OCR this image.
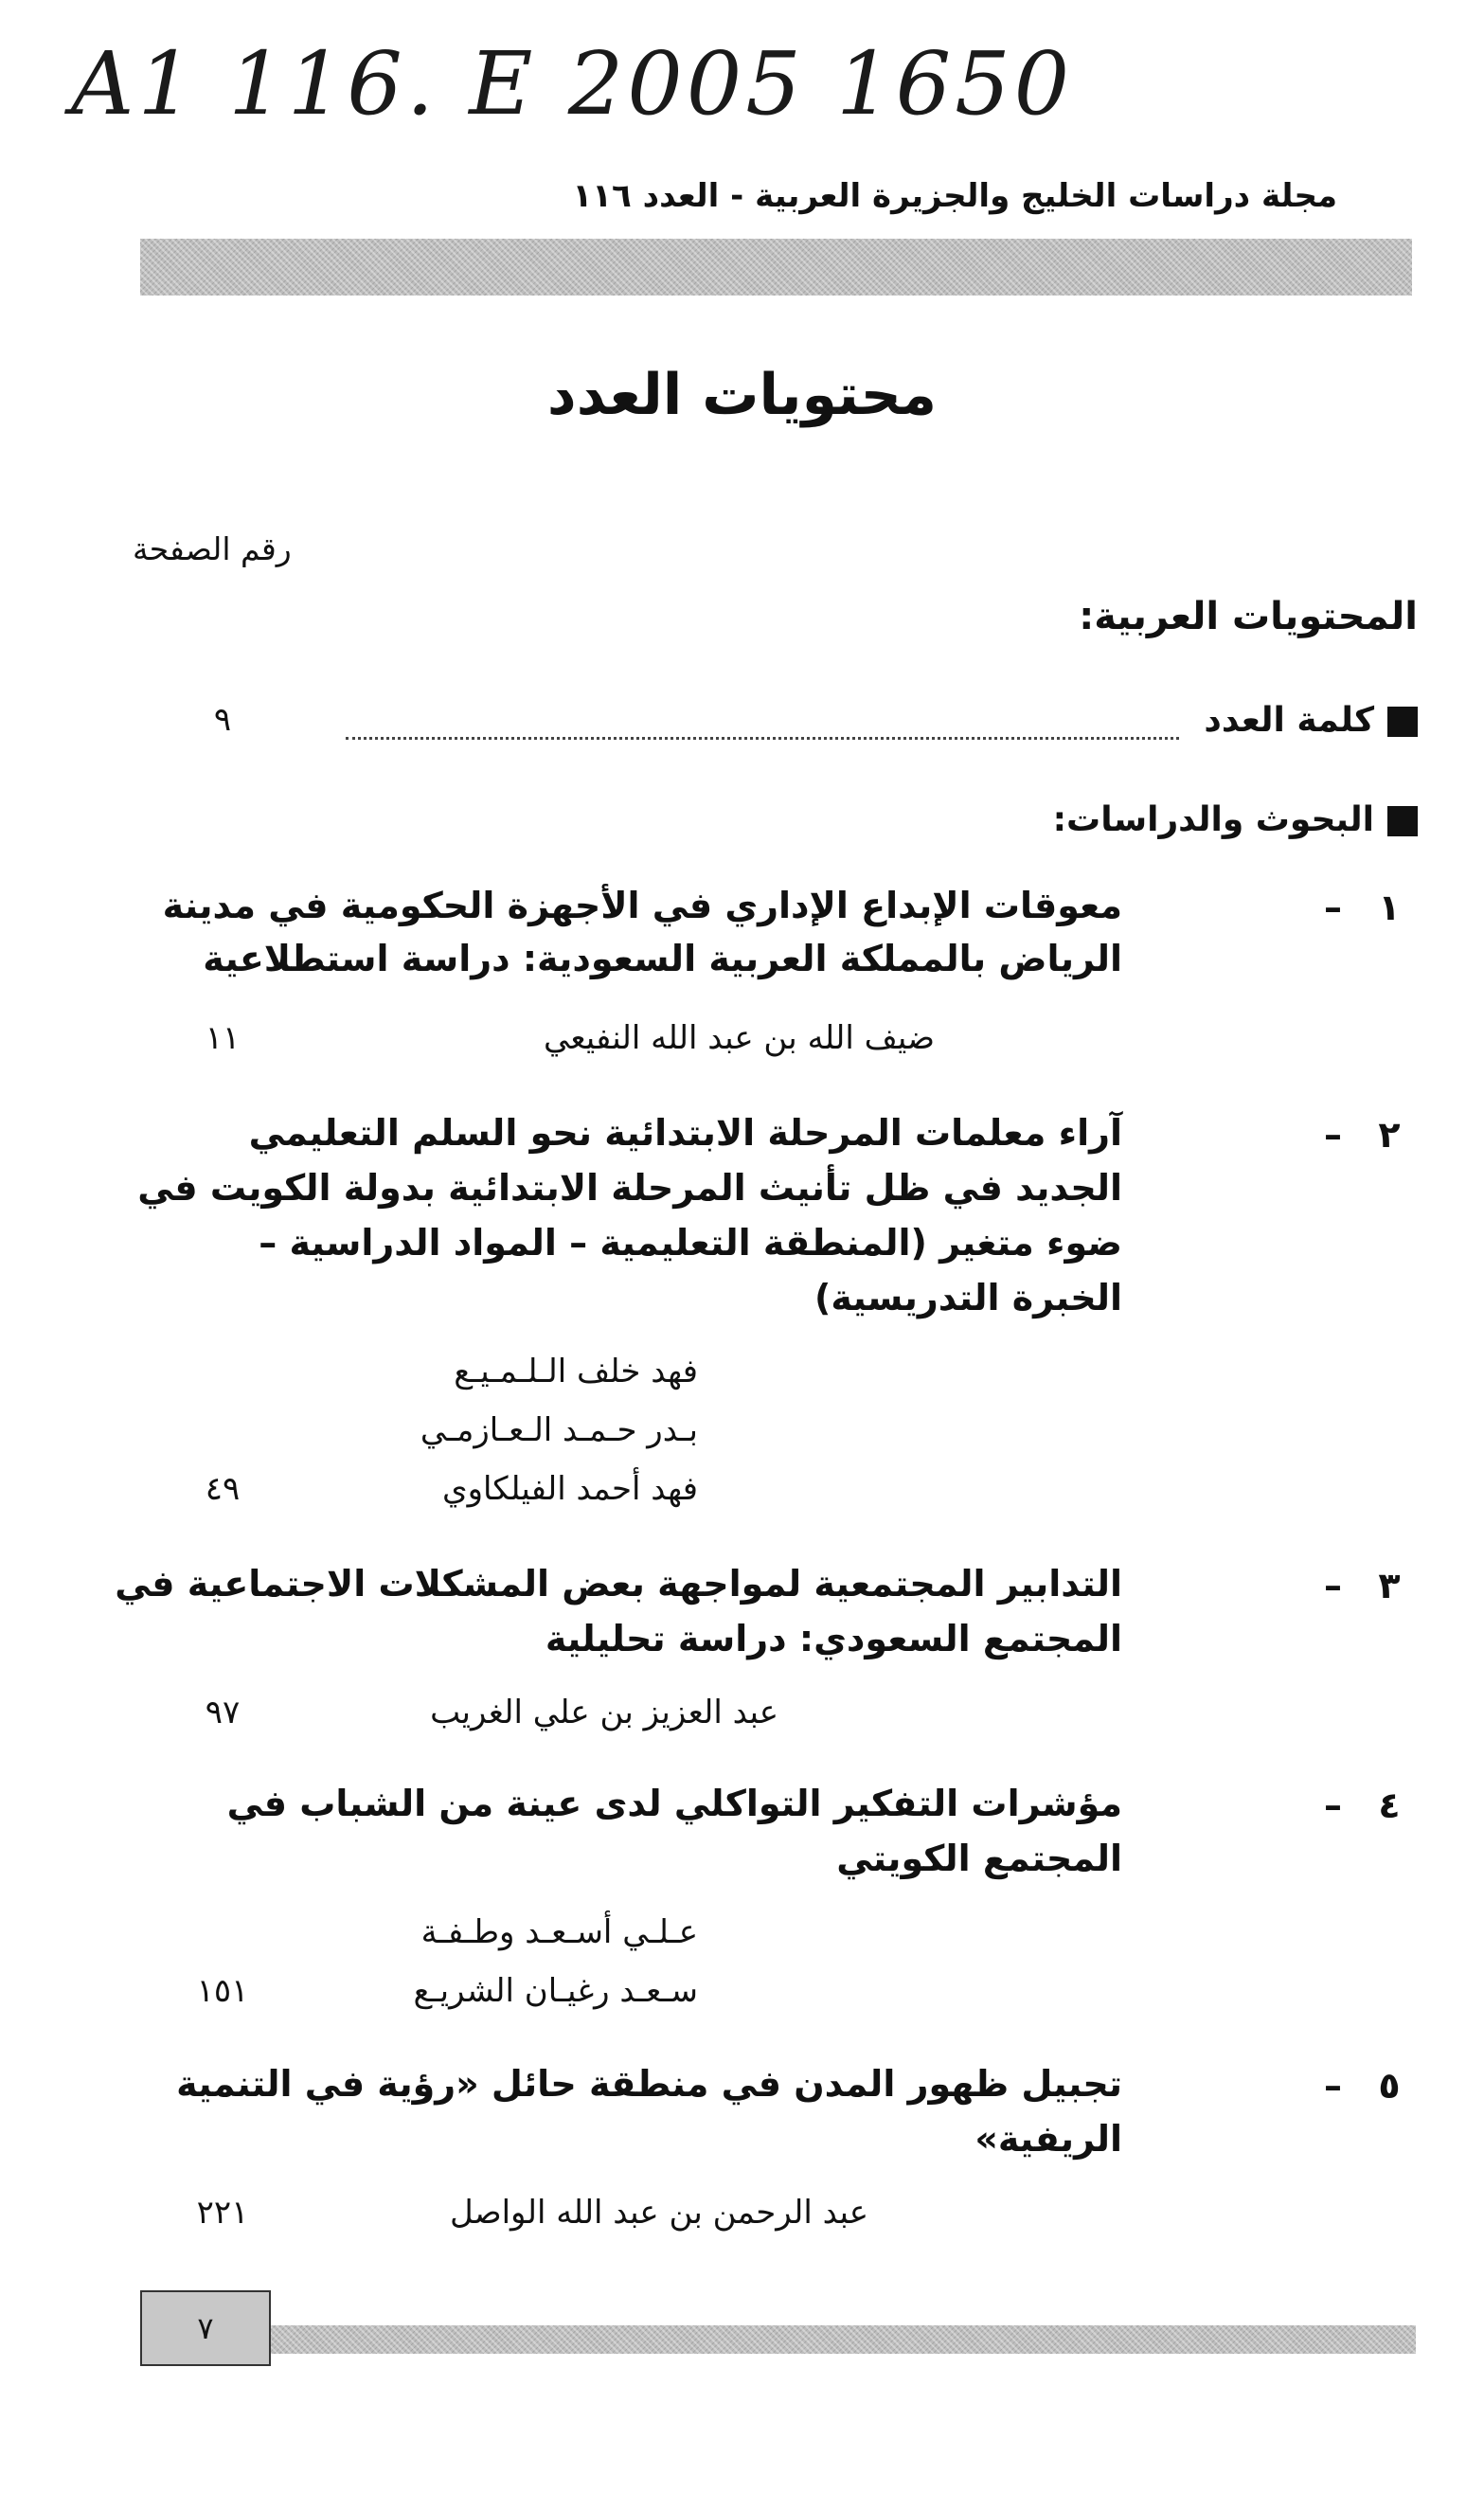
A1 116. E 2005 1650
مجلة دراسات الخليج والجزيرة العربية - العدد ١١٦
محتويات العدد
رقم الصفحة
المحتويات العربية:
كلمة العدد
٩
البحوث والدراسات:
١
–
معوقات الإبداع الإداري في الأجهزة الحكومية في مدينة
الرياض بالمملكة العربية السعودية: دراسة استطلاعية
ضيف الله بن عبد الله النفيعي
١١
٢
–
آراء معلمات المرحلة الابتدائية نحو السلم التعليمي
الجديد في ظل تأنيث المرحلة الابتدائية بدولة الكويت في
ضوء متغير (المنطقة التعليمية – المواد الدراسية –
الخبرة التدريسية)
فهد خلف الـلـمـيـع
بـدر حـمـد الـعـازمـي
فهد أحمد الفيلكاوي
٤٩
٣
–
التدابير المجتمعية لمواجهة بعض المشكلات الاجتماعية في
المجتمع السعودي: دراسة تحليلية
عبد العزيز بن علي الغريب
٩٧
٤
–
مؤشرات التفكير التواكلي لدى عينة من الشباب في
المجتمع الكويتي
عـلـي أسـعـد وطـفـة
سـعـد رغيـان الشريـع
١٥١
٥
–
تجبيل ظهور المدن في منطقة حائل «رؤية في التنمية
الريفية»
عبد الرحمن بن عبد الله الواصل
٢٢١
٧
